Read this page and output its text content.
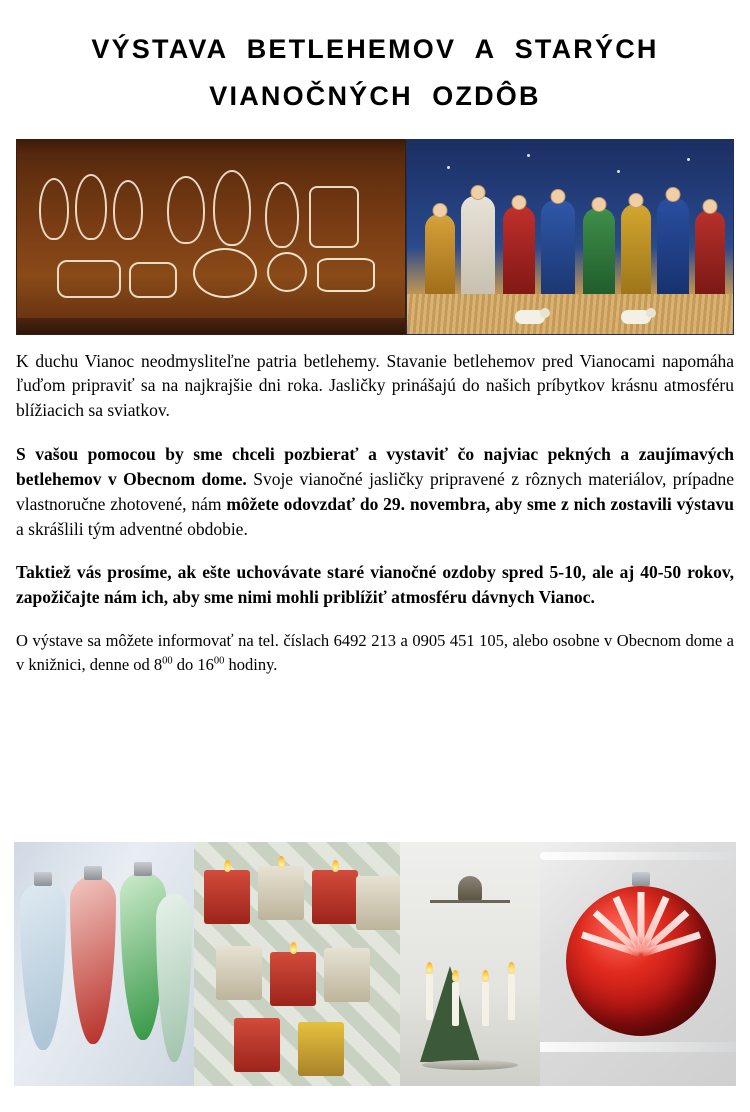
VÝSTAVA  BETLEHEMOV  A  STARÝCH
VIANOČNÝCH  OZDÔB

K duchu Vianoc neodmysliteľne patria betlehemy. Stavanie betlehemov pred Vianocami napomáha ľuďom pripraviť sa na najkrajšie dni roka. Jasličky prinášajú do našich príbytkov krásnu atmosféru blížiacich sa sviatkov.

S vašou pomocou by sme chceli pozbierať a vystaviť čo najviac pekných a zaujímavých betlehemov v Obecnom dome. Svoje vianočné jasličky pripravené z rôznych materiálov, prípadne vlastnoručne zhotovené, nám môžete odovzdať do 29. novembra, aby sme z nich zostavili výstavu a skrášlili tým adventné obdobie.

Taktiež vás prosíme, ak ešte uchovávate staré vianočné ozdoby spred 5-10, ale aj 40-50 rokov, zapožičajte nám ich, aby sme nimi mohli priblížiť atmosféru dávnych Vianoc.

O výstave sa môžete informovať na tel. číslach 6492 213 a 0905 451 105, alebo osobne v Obecnom dome a v knižnici, denne od $8^{00}$ do $16^{00}$ hodiny.
